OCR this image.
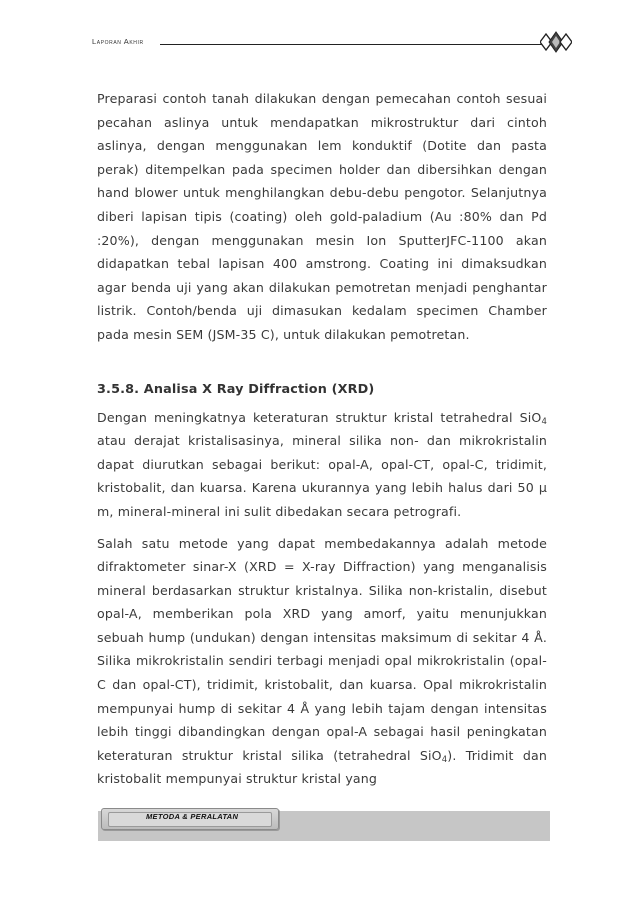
Laporan Akhir

Preparasi contoh tanah dilakukan dengan pemecahan contoh sesuai pecahan aslinya untuk mendapatkan mikrostruktur dari cintoh aslinya, dengan menggunakan lem konduktif (Dotite dan pasta perak) ditempelkan pada specimen holder dan dibersihkan dengan hand blower untuk menghilangkan debu-debu pengotor. Selanjutnya diberi lapisan tipis (coating) oleh gold-paladium (Au :80% dan Pd :20%), dengan menggunakan mesin Ion SputterJFC-1100 akan didapatkan tebal lapisan 400 amstrong. Coating ini dimaksudkan agar benda uji yang akan dilakukan pemotretan menjadi penghantar listrik. Contoh/benda uji dimasukan kedalam specimen Chamber pada mesin SEM (JSM-35 C), untuk dilakukan pemotretan.

3.5.8. Analisa X Ray Diffraction (XRD)

Dengan meningkatnya keteraturan struktur kristal tetrahedral SiO$_4$ atau derajat kristalisasinya, mineral silika non- dan mikrokristalin dapat diurutkan sebagai berikut: opal-A, opal-CT, opal-C, tridimit, kristobalit, dan kuarsa. Karena ukurannya yang lebih halus dari 50 µ m, mineral-mineral ini sulit dibedakan secara petrografi.

Salah satu metode yang dapat membedakannya adalah metode difraktometer sinar-X (XRD = X-ray Diffraction) yang menganalisis mineral berdasarkan struktur kristalnya. Silika non-kristalin, disebut opal-A, memberikan pola XRD yang amorf, yaitu menunjukkan sebuah hump (undukan) dengan intensitas maksimum di sekitar 4 Å. Silika mikrokristalin sendiri terbagi menjadi opal mikrokristalin (opal-C dan opal-CT), tridimit, kristobalit, dan kuarsa. Opal mikrokristalin mempunyai hump di sekitar 4 Å yang lebih tajam dengan intensitas lebih tinggi dibandingkan dengan opal-A sebagai hasil peningkatan keteraturan struktur kristal silika (tetrahedral SiO$_4$). Tridimit dan kristobalit mempunyai struktur kristal yang

METODA & PERALATAN
